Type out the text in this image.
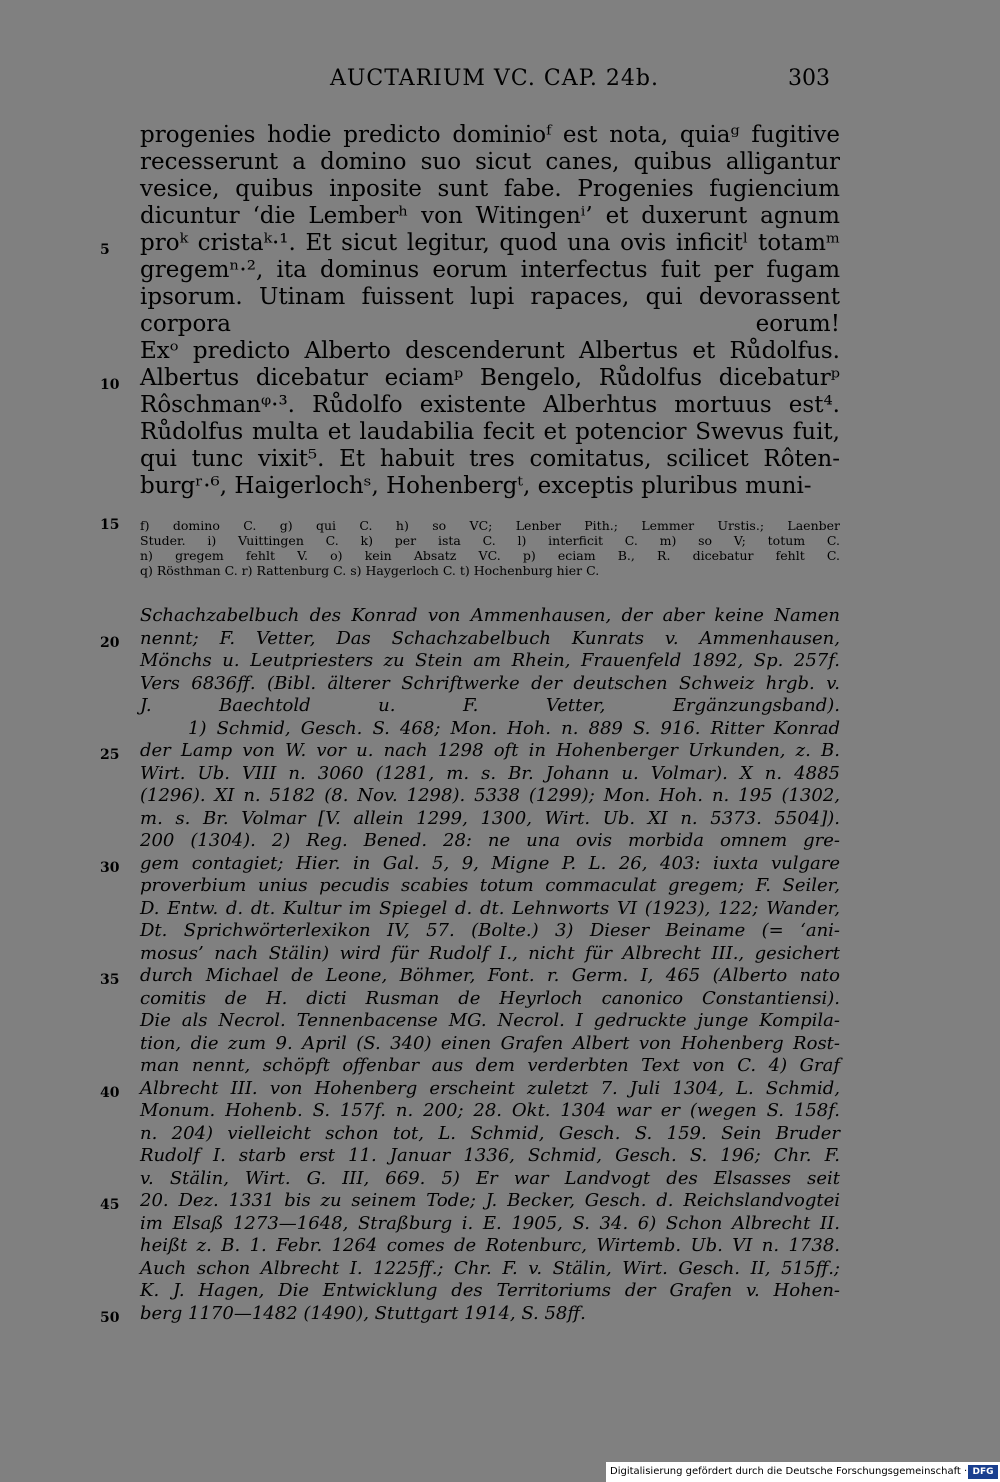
AUCTARIUM VC. CAP. 24b.	303
progenies hodie predicto dominioᶠ est nota, quiaᵍ fugitive
recesserunt a domino suo sicut canes, quibus alligantur
vesice, quibus inposite sunt fabe. Progenies fugiencium
dicuntur ‘die Lemberʰ von Witingenⁱ’ et duxerunt agnum
5	proᵏ cristaᵏ·¹. Et sicut legitur, quod una ovis inficitˡ totamᵐ
gregemⁿ·², ita dominus eorum interfectus fuit per fugam
ipsorum. Utinam fuissent lupi rapaces, qui devorassent
corpora eorum!
Exᵒ predicto Alberto descenderunt Albertus et Růdolfus.
10 Albertus dicebatur eciamᵖ Bengelo, Růdolfus dicebaturᵖ
Rôschmanᵠ·³. Růdolfo existente Alberhtus mortuus est⁴.
Růdolfus multa et laudabilia fecit et potencior Swevus fuit,
qui tunc vixit⁵. Et habuit tres comitatus, scilicet Rôten-
burgʳ·⁶, Haigerlochˢ, Hohenbergᵗ, exceptis pluribus muni-
15	f) domino C. g) qui C. h) so VC; Lenber Pith.; Lemmer Urstis.; Laenber
Studer. i) Vuittingen C. k) per ista C. l) interficit C. m) so V; totum C.
n) gregem fehlt V. o) kein Absatz VC. p) eciam B., R. dicebatur fehlt C.
q) Rösthman C. r) Rattenburg C. s) Haygerloch C. t) Hochenburg hier C.
Schachzabelbuch des Konrad von Ammenhausen, der aber keine Namen
20	nennt; F. Vetter, Das Schachzabelbuch Kunrats v. Ammenhausen,
Mönchs u. Leutpriesters zu Stein am Rhein, Frauenfeld 1892, Sp. 257f.
Vers 6836ff. (Bibl. älterer Schriftwerke der deutschen Schweiz hrgb. v.
J. Baechtold u. F. Vetter, Ergänzungsband).
1) Schmid, Gesch. S. 468; Mon. Hoh. n. 889 S. 916. Ritter Konrad
25	der Lamp von W. vor u. nach 1298 oft in Hohenberger Urkunden, z. B.
Wirt. Ub. VIII n. 3060 (1281, m. s. Br. Johann u. Volmar). X n. 4885
(1296). XI n. 5182 (8. Nov. 1298). 5338 (1299); Mon. Hoh. n. 195 (1302,
m. s. Br. Volmar [V. allein 1299, 1300, Wirt. Ub. XI n. 5373. 5504]).
200 (1304). 2) Reg. Bened. 28: ne una ovis morbida omnem gre-
30	gem contagiet; Hier. in Gal. 5, 9, Migne P. L. 26, 403: iuxta vulgare
proverbium unius pecudis scabies totum commaculat gregem; F. Seiler,
D. Entw. d. dt. Kultur im Spiegel d. dt. Lehnworts VI (1923), 122; Wander,
Dt. Sprichwörterlexikon IV, 57. (Bolte.) 3) Dieser Beiname (= ‘ani-
mosus’ nach Stälin) wird für Rudolf I., nicht für Albrecht III., gesichert
35	durch Michael de Leone, Böhmer, Font. r. Germ. I, 465 (Alberto nato
comitis de H. dicti Rusman de Heyrloch canonico Constantiensi).
Die als Necrol. Tennenbacense MG. Necrol. I gedruckte junge Kompila-
tion, die zum 9. April (S. 340) einen Grafen Albert von Hohenberg Rost-
man nennt, schöpft offenbar aus dem verderbten Text von C. 4) Graf
40	Albrecht III. von Hohenberg erscheint zuletzt 7. Juli 1304, L. Schmid,
Monum. Hohenb. S. 157f. n. 200; 28. Okt. 1304 war er (wegen S. 158f.
n. 204) vielleicht schon tot, L. Schmid, Gesch. S. 159. Sein Bruder
Rudolf I. starb erst 11. Januar 1336, Schmid, Gesch. S. 196; Chr. F.
v. Stälin, Wirt. G. III, 669. 5) Er war Landvogt des Elsasses seit
45	20. Dez. 1331 bis zu seinem Tode; J. Becker, Gesch. d. Reichslandvogtei
im Elsaß 1273—1648, Straßburg i. E. 1905, S. 34. 6) Schon Albrecht II.
heißt z. B. 1. Febr. 1264 comes de Rotenburc, Wirtemb. Ub. VI n. 1738.
Auch schon Albrecht I. 1225ff.; Chr. F. v. Stälin, Wirt. Gesch. II, 515ff.;
K. J. Hagen, Die Entwicklung des Territoriums der Grafen v. Hohen-
50	berg 1170—1482 (1490), Stuttgart 1914, S. 58ff.
Digitalisierung gefördert durch die Deutsche Forschungsgemeinschaft · DFG
